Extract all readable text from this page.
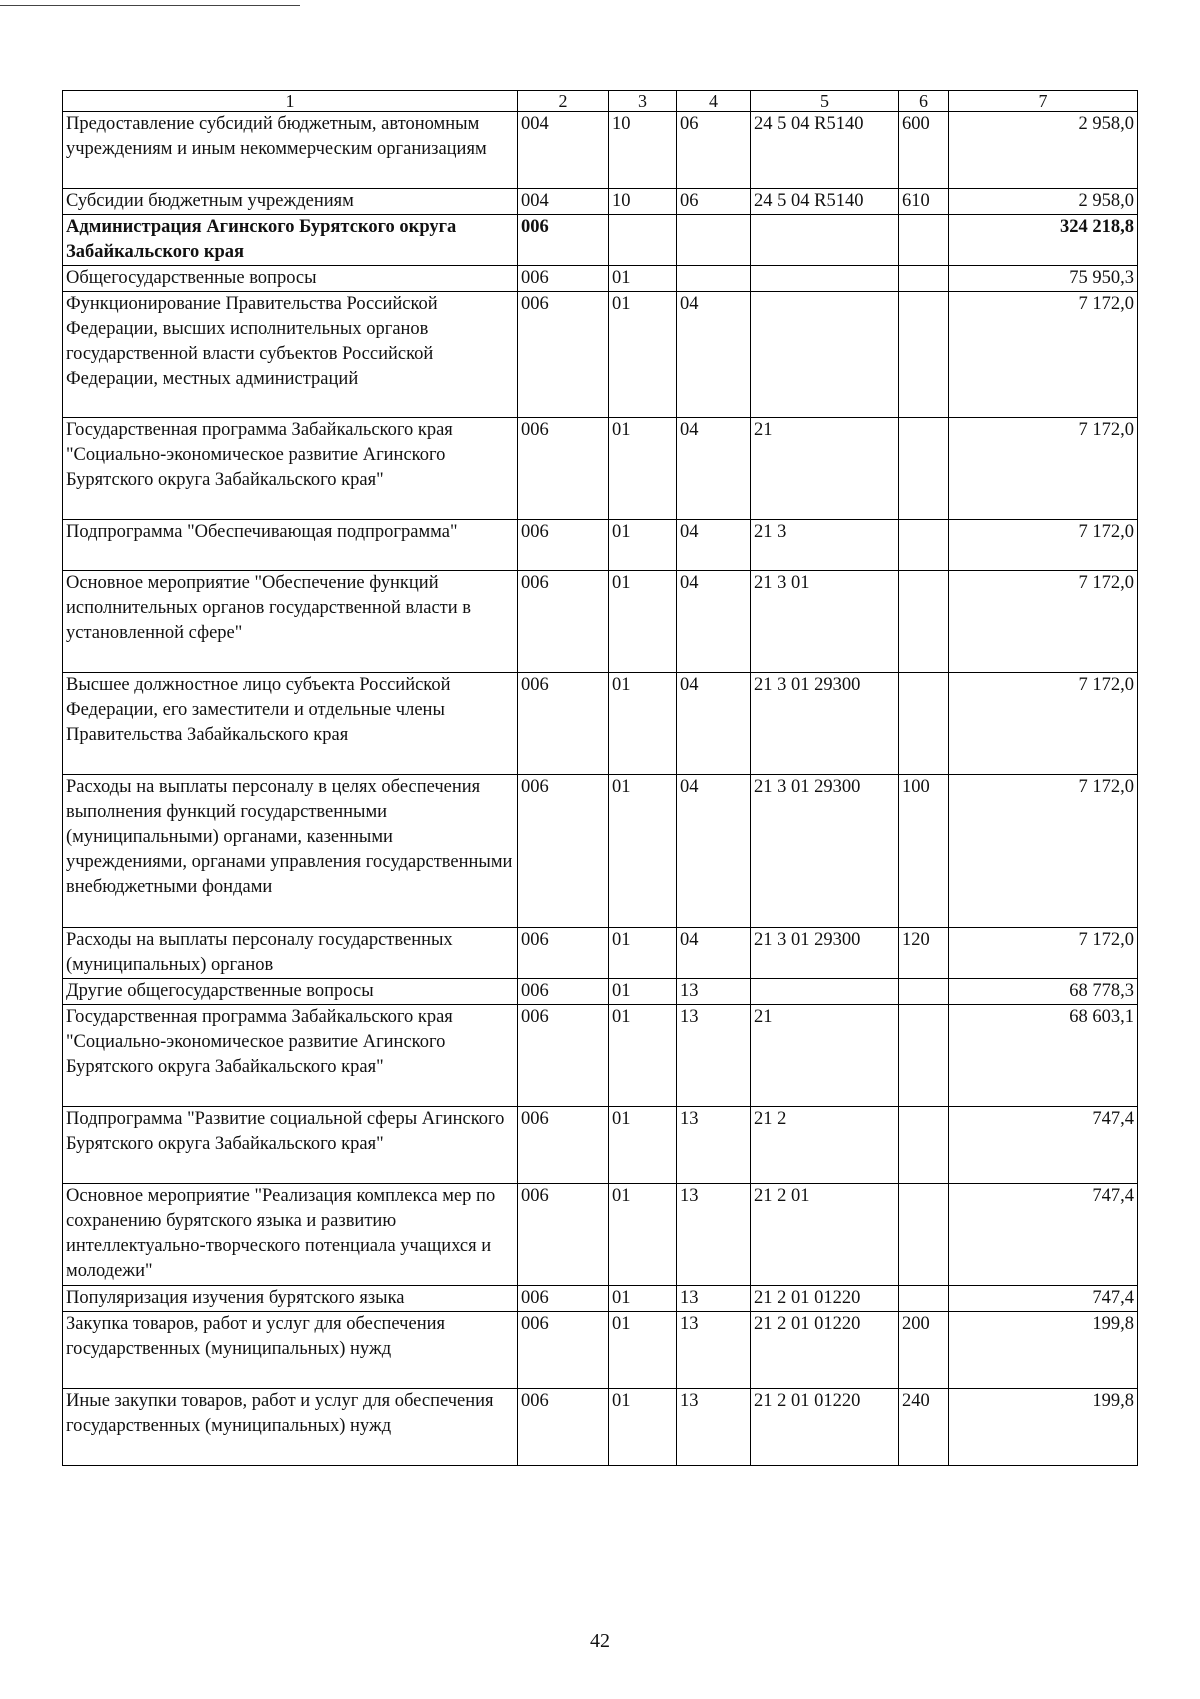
1	2	3	4	5	6	7
Предоставление субсидий бюджетным, автономным учреждениям и иным некоммерческим организациям	004	10	06	24 5 04 R5140	600	2 958,0
Субсидии бюджетным учреждениям	004	10	06	24 5 04 R5140	610	2 958,0
Администрация Агинского Бурятского округа Забайкальского края	006					324 218,8
Общегосударственные вопросы	006	01				75 950,3
Функционирование Правительства Российской Федерации, высших исполнительных органов государственной власти субъектов Российской Федерации, местных администраций	006	01	04			7 172,0
Государственная программа Забайкальского края "Социально-экономическое развитие Агинского Бурятского округа Забайкальского края"	006	01	04	21		7 172,0
Подпрограмма "Обеспечивающая подпрограмма"	006	01	04	21 3		7 172,0
Основное мероприятие "Обеспечение функций исполнительных органов государственной власти в установленной сфере"	006	01	04	21 3 01		7 172,0
Высшее должностное лицо субъекта Российской Федерации, его заместители и отдельные члены Правительства Забайкальского края	006	01	04	21 3 01 29300		7 172,0
Расходы на выплаты персоналу в целях обеспечения выполнения функций государственными (муниципальными) органами, казенными учреждениями, органами управления государственными внебюджетными фондами	006	01	04	21 3 01 29300	100	7 172,0
Расходы на выплаты персоналу государственных (муниципальных) органов	006	01	04	21 3 01 29300	120	7 172,0
Другие общегосударственные вопросы	006	01	13			68 778,3
Государственная программа Забайкальского края "Социально-экономическое развитие Агинского Бурятского округа Забайкальского края"	006	01	13	21		68 603,1
Подпрограмма "Развитие социальной сферы Агинского Бурятского округа Забайкальского края"	006	01	13	21 2		747,4
Основное мероприятие "Реализация комплекса мер по сохранению бурятского языка и развитию интеллектуально-творческого потенциала учащихся и молодежи"	006	01	13	21 2 01		747,4
Популяризация изучения бурятского языка	006	01	13	21 2 01 01220		747,4
Закупка товаров, работ и услуг для обеспечения государственных (муниципальных) нужд	006	01	13	21 2 01 01220	200	199,8
Иные закупки товаров, работ и услуг для обеспечения государственных (муниципальных) нужд	006	01	13	21 2 01 01220	240	199,8
42
